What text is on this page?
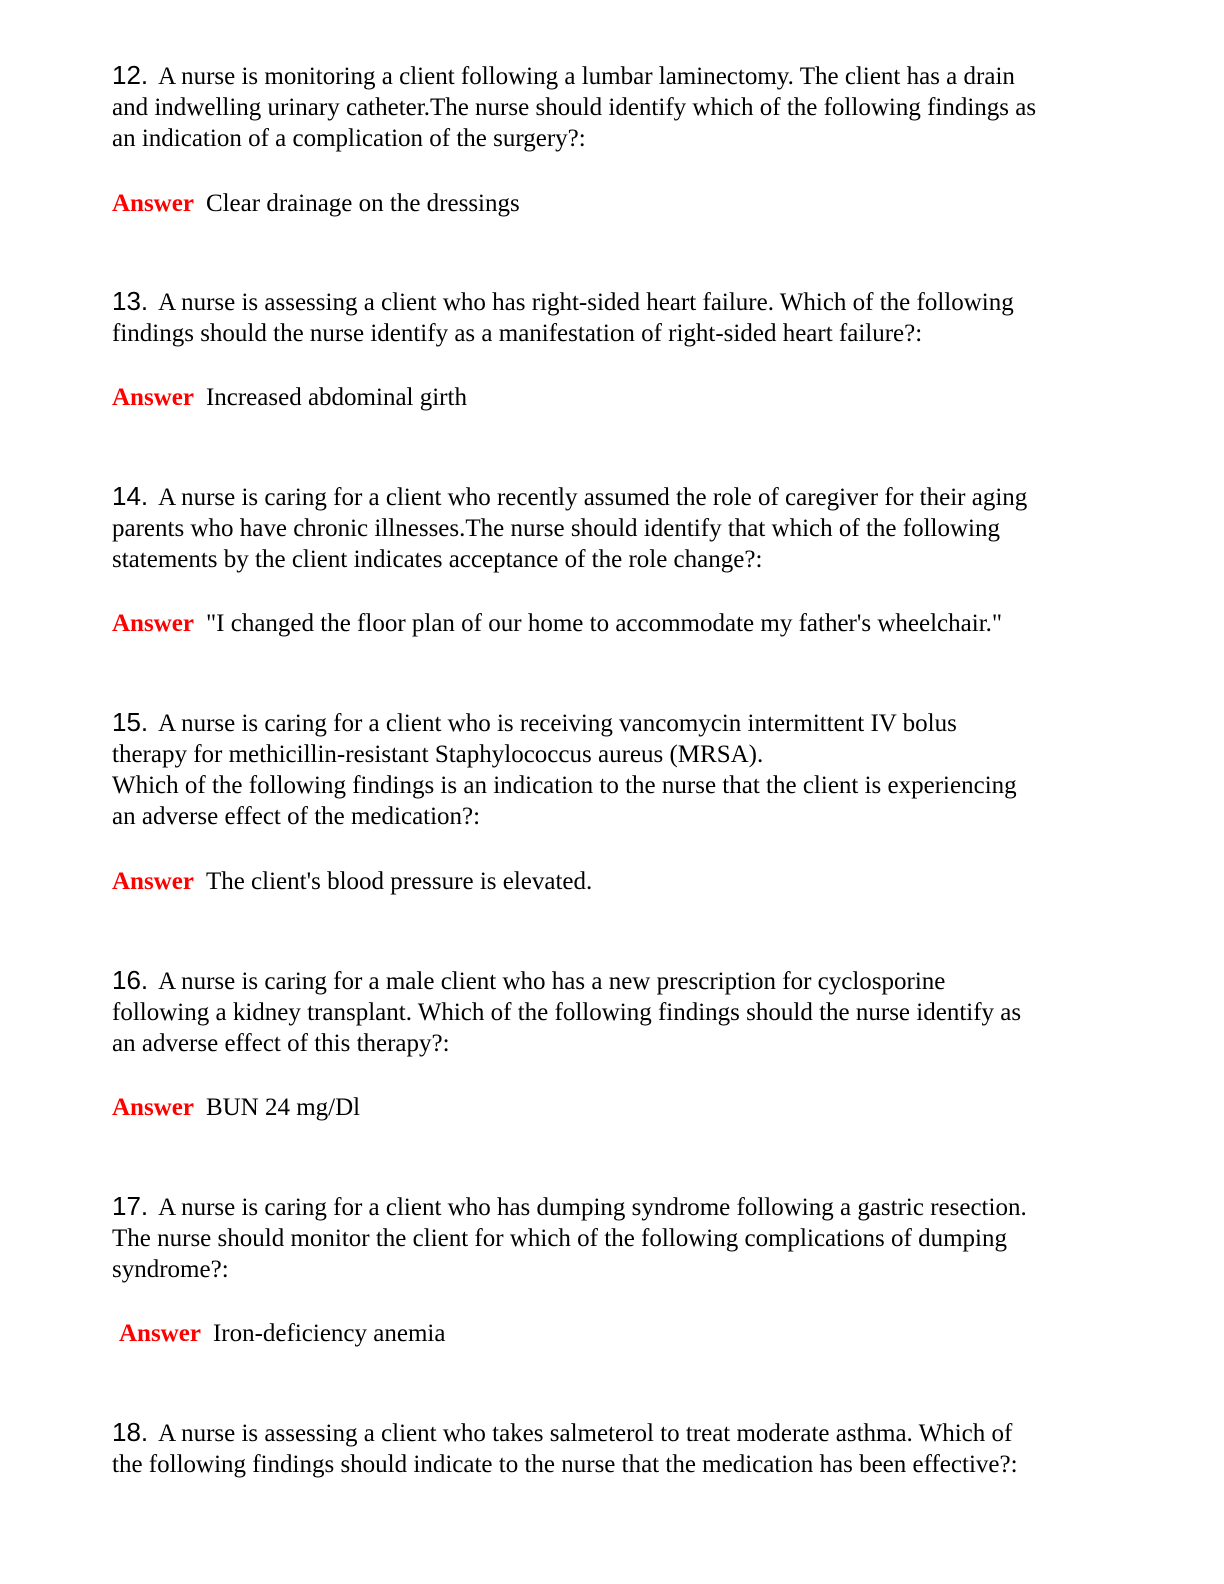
12. A nurse is monitoring a client following a lumbar laminectomy. The client has a drain
and indwelling urinary catheter.The nurse should identify which of the following findings as
an indication of a complication of the surgery?:

Answer Clear drainage on the dressings

13. A nurse is assessing a client who has right-sided heart failure. Which of the following
findings should the nurse identify as a manifestation of right-sided heart failure?:

Answer Increased abdominal girth

14. A nurse is caring for a client who recently assumed the role of caregiver for their aging
parents who have chronic illnesses.The nurse should identify that which of the following
statements by the client indicates acceptance of the role change?:

Answer "I changed the floor plan of our home to accommodate my father's wheelchair."

15. A nurse is caring for a client who is receiving vancomycin intermittent IV bolus
therapy for methicillin-resistant Staphylococcus aureus (MRSA).
Which of the following findings is an indication to the nurse that the client is experiencing
an adverse effect of the medication?:

Answer The client's blood pressure is elevated.

16. A nurse is caring for a male client who has a new prescription for cyclosporine
following a kidney transplant. Which of the following findings should the nurse identify as
an adverse effect of this therapy?:

Answer BUN 24 mg/Dl

17. A nurse is caring for a client who has dumping syndrome following a gastric resection.
The nurse should monitor the client for which of the following complications of dumping
syndrome?:

Answer Iron-deficiency anemia

18. A nurse is assessing a client who takes salmeterol to treat moderate asthma. Which of
the following findings should indicate to the nurse that the medication has been effective?:
